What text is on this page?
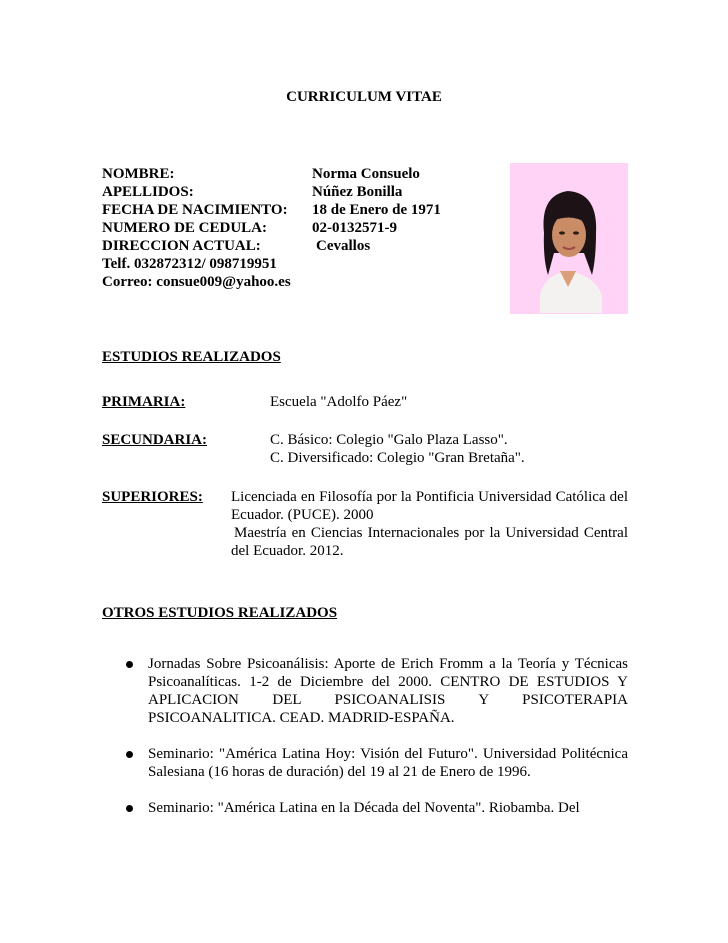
CURRICULUM VITAE
NOMBRE:	Norma Consuelo
APELLIDOS:	Núñez Bonilla
FECHA DE NACIMIENTO: 18 de Enero de 1971
NUMERO DE CEDULA:	02-0132571-9
DIRECCION ACTUAL:	Cevallos
Telf. 032872312/ 098719951
Correo: consue009@yahoo.es
ESTUDIOS REALIZADOS
PRIMARIA:	Escuela "Adolfo Páez"
SECUNDARIA:	C. Básico: Colegio "Galo Plaza Lasso".
C. Diversificado: Colegio "Gran Bretaña".
SUPERIORES: Licenciada en Filosofía por la Pontificia Universidad Católica del Ecuador. (PUCE). 2000
Maestría en Ciencias Internacionales por la Universidad Central del Ecuador. 2012.
OTROS ESTUDIOS REALIZADOS
Jornadas Sobre Psicoanálisis: Aporte de Erich Fromm a la Teoría y Técnicas Psicoanalíticas. 1-2 de Diciembre del 2000. CENTRO DE ESTUDIOS Y APLICACION DEL PSICOANALISIS Y PSICOTERAPIA PSICOANALITICA. CEAD. MADRID-ESPAÑA.
Seminario: "América Latina Hoy: Visión del Futuro". Universidad Politécnica Salesiana (16 horas de duración) del 19 al 21 de Enero de 1996.
Seminario: "América Latina en la Década del Noventa". Riobamba. Del
